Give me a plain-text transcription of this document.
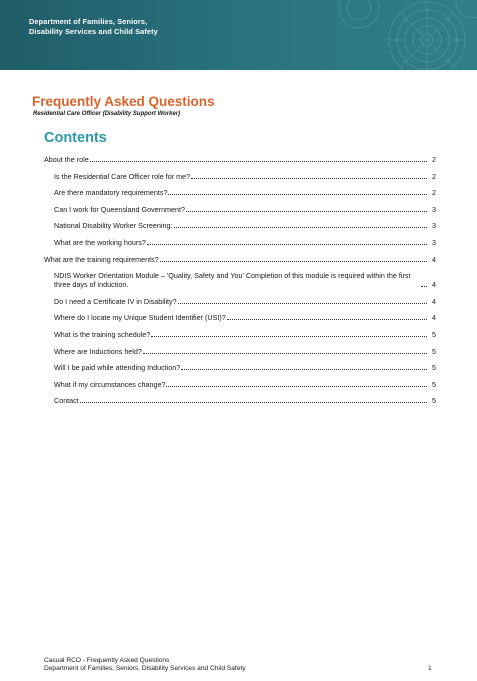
Department of Families, Seniors,
Disability Services and Child Safety
Frequently Asked Questions
Residential Care Officer (Disability Support Worker)
Contents
About the role	2
Is the Residential Care Officer role for me?	2
Are there mandatory requirements?	2
Can I work for Queensland Government?	3
National Disability Worker Screening:	3
What are the working hours?	3
What are the training requirements?	4
NDIS Worker Orientation Module – 'Quality, Safety and You' Completion of this module is required within the first three days of induction.	4
Do I need a Certificate IV in Disability?	4
Where do I locate my Unique Student Identifier (USI)?	4
What is the training schedule?	5
Where are Inductions held?	5
Will I be paid while attending Induction?	5
What if my circumstances change?	5
Contact	5
Casual RCO - Frequently Asked Questions
Department of Families, Seniors, Disability Services and Child Safety	1
